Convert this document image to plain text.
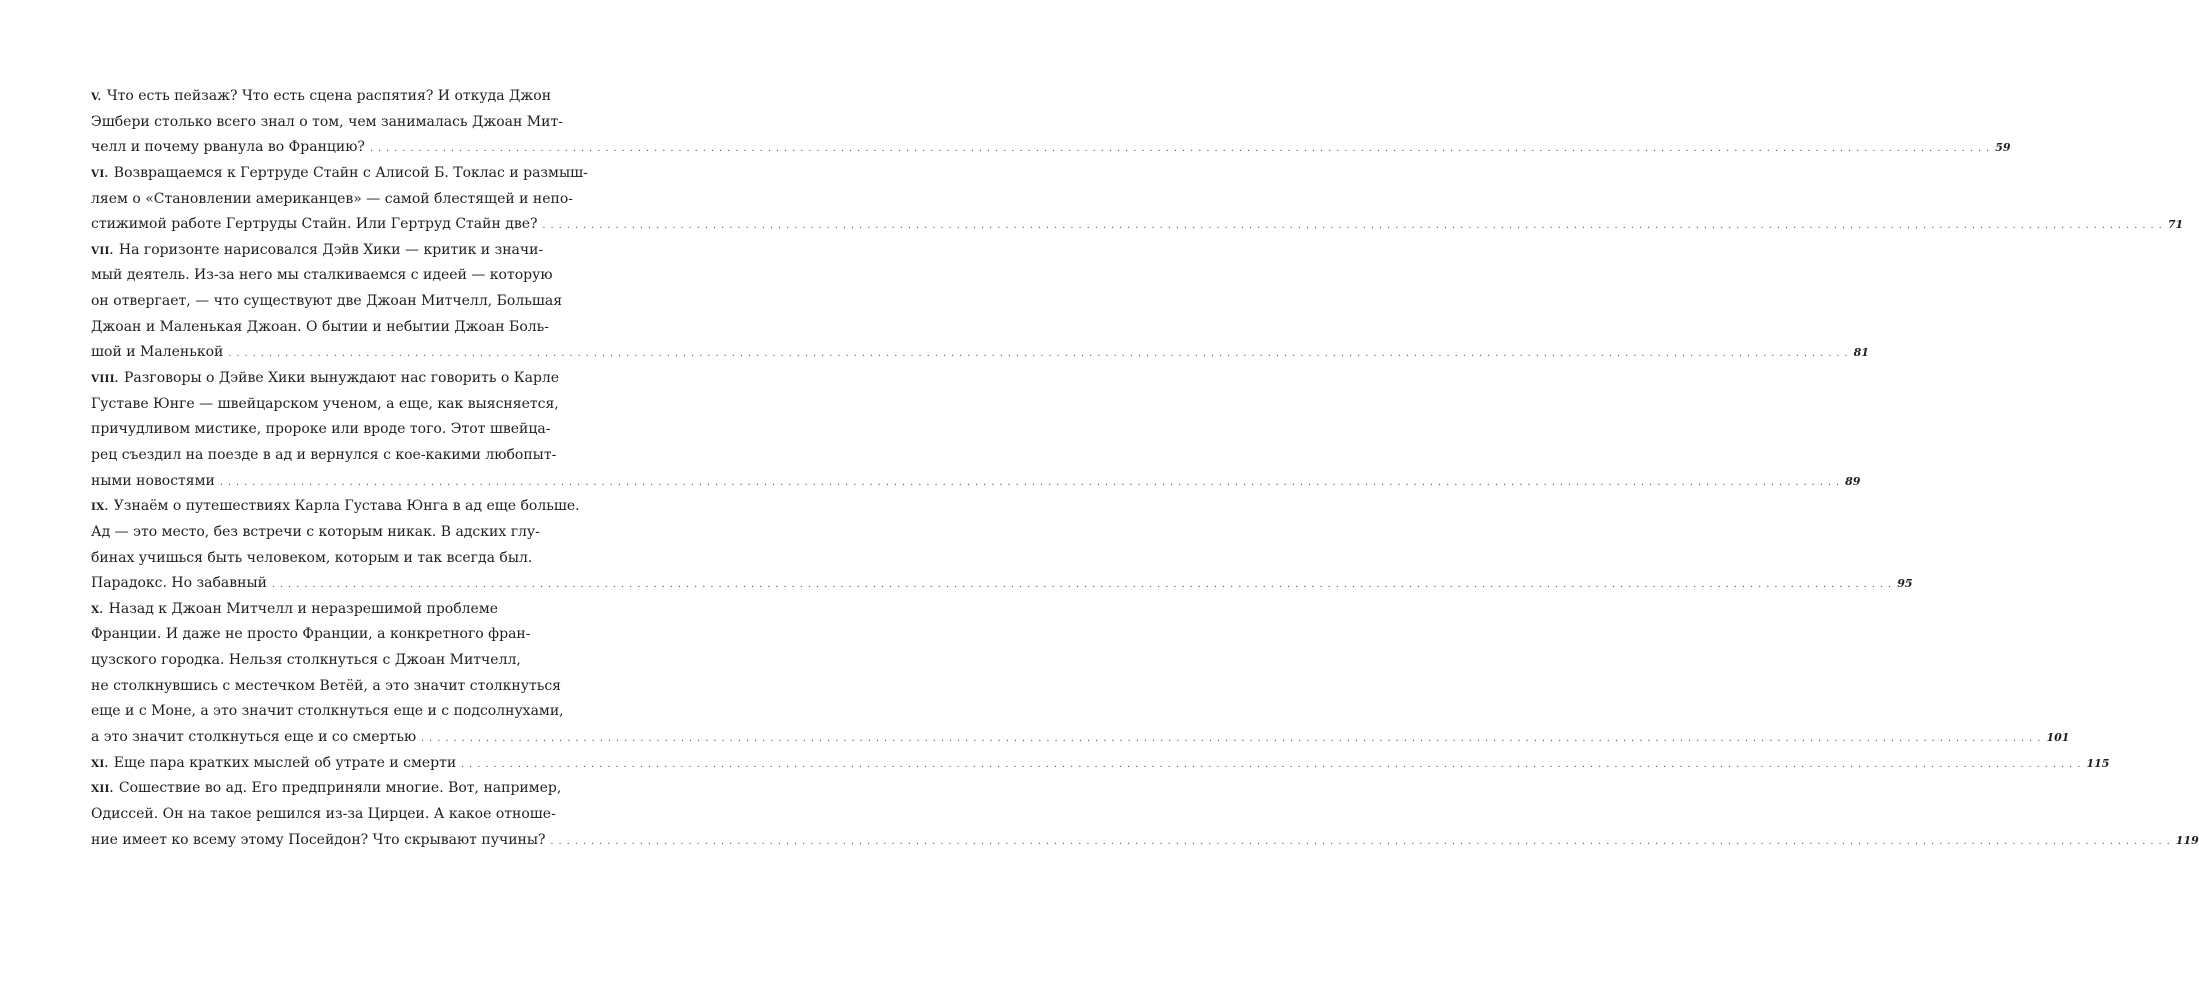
V. Что есть пейзаж? Что есть сцена распятия? И откуда Джон
Эшбери столько всего знал о том, чем занималась Джоан Мит-
челл и почему рванула во Францию? . . . . . . . . . . . . . . . . . . . . . . . . . . . . . . . . . . . . . . . . . . . . . . . . . . . . . . . . . . . . . . . . . . . . . . . . . . . . . . . . . . . . . . . . . . . . . . . . . . . . . . . . . . . . . . . . . . . . . . . . . . . . . . . . . . . . . . . . . . . . . . . . . . . . . . . . . . . . . . . . . . . . . . . . . . . . . . . . . . . . . . . . . . . . . . . . . . . . . . . . 59
VI. Возвращаемся к Гертруде Стайн с Алисой Б. Токлас и размыш-
ляем о «Становлении американцев» — самой блестящей и непо-
стижимой работе Гертруды Стайн. Или Гертруд Стайн две? . . . . . . . . . . . . . . . . . . . . . . . . . . . . . . . . . . . . . . . . . . . . . . . . . . . . . . . . . . . . . . . . . . . . . . . . . . . . . . . . . . . . . . . . . . . . . . . . . . . . . . . . . . . . . . . . . . . . . . . . . . . . . . . . . . . . . . . . . . . . . . . . . . . . . . . . . . . . . . . . . . . . . . . . . . . . . . . . . . . . . . . . . . . . . . . . . . . . . . . . 71
VII. На горизонте нарисовался Дэйв Хики — критик и значи-
мый деятель. Из-за него мы сталкиваемся с идеей — которую
он отвергает, — что существуют две Джоан Митчелл, Большая
Джоан и Маленькая Джоан. О бытии и небытии Джоан Боль-
шой и Маленькой . . . . . . . . . . . . . . . . . . . . . . . . . . . . . . . . . . . . . . . . . . . . . . . . . . . . . . . . . . . . . . . . . . . . . . . . . . . . . . . . . . . . . . . . . . . . . . . . . . . . . . . . . . . . . . . . . . . . . . . . . . . . . . . . . . . . . . . . . . . . . . . . . . . . . . . . . . . . . . . . . . . . . . . . . . . . . . . . . . . . . . . . . . . . . . . . . . . . . . . . 81
VIII. Разговоры о Дэйве Хики вынуждают нас говорить о Карле
Густаве Юнге — швейцарском ученом, а еще, как выясняется,
причудливом мистике, пророке или вроде того. Этот швейца-
рец съездил на поезде в ад и вернулся с кое-какими любопыт-
ными новостями . . . . . . . . . . . . . . . . . . . . . . . . . . . . . . . . . . . . . . . . . . . . . . . . . . . . . . . . . . . . . . . . . . . . . . . . . . . . . . . . . . . . . . . . . . . . . . . . . . . . . . . . . . . . . . . . . . . . . . . . . . . . . . . . . . . . . . . . . . . . . . . . . . . . . . . . . . . . . . . . . . . . . . . . . . . . . . . . . . . . . . . . . . . . . . . . . . . . . . . . 89
IX. Узнаём о путешествиях Карла Густава Юнга в ад еще больше.
Ад — это место, без встречи с которым никак. В адских глу-
бинах учишься быть человеком, которым и так всегда был.
Парадокс. Но забавный . . . . . . . . . . . . . . . . . . . . . . . . . . . . . . . . . . . . . . . . . . . . . . . . . . . . . . . . . . . . . . . . . . . . . . . . . . . . . . . . . . . . . . . . . . . . . . . . . . . . . . . . . . . . . . . . . . . . . . . . . . . . . . . . . . . . . . . . . . . . . . . . . . . . . . . . . . . . . . . . . . . . . . . . . . . . . . . . . . . . . . . . . . . . . . . . . . . . . . . . 95
X. Назад к Джоан Митчелл и неразрешимой проблеме
Франции. И даже не просто Франции, а конкретного фран-
цузского городка. Нельзя столкнуться с Джоан Митчелл,
не столкнувшись с местечком Ветёй, а это значит столкнуться
еще и с Моне, а это значит столкнуться еще и с подсолнухами,
а это значит столкнуться еще и со смертью . . . . . . . . . . . . . . . . . . . . . . . . . . . . . . . . . . . . . . . . . . . . . . . . . . . . . . . . . . . . . . . . . . . . . . . . . . . . . . . . . . . . . . . . . . . . . . . . . . . . . . . . . . . . . . . . . . . . . . . . . . . . . . . . . . . . . . . . . . . . . . . . . . . . . . . . . . . . . . . . . . . . . . . . . . . . . . . . . . . . . . . . . . . . . . . . . . . . . . . . 101
XI. Еще пара кратких мыслей об утрате и смерти . . . . . . . . . . . . . . . . . . . . . . . . . . . . . . . . . . . . . . . . . . . . . . . . . . . . . . . . . . . . . . . . . . . . . . . . . . . . . . . . . . . . . . . . . . . . . . . . . . . . . . . . . . . . . . . . . . . . . . . . . . . . . . . . . . . . . . . . . . . . . . . . . . . . . . . . . . . . . . . . . . . . . . . . . . . . . . . . . . . . . . . . . . . . . . . . . . . . . . . . 115
XII. Сошествие во ад. Его предприняли многие. Вот, например,
Одиссей. Он на такое решился из-за Цирцеи. А какое отноше-
ние имеет ко всему этому Посейдон? Что скрывают пучины? . . . . . . . . . . . . . . . . . . . . . . . . . . . . . . . . . . . . . . . . . . . . . . . . . . . . . . . . . . . . . . . . . . . . . . . . . . . . . . . . . . . . . . . . . . . . . . . . . . . . . . . . . . . . . . . . . . . . . . . . . . . . . . . . . . . . . . . . . . . . . . . . . . . . . . . . . . . . . . . . . . . . . . . . . . . . . . . . . . . . . . . . . . . . . . . . . . . . . . . . 119
